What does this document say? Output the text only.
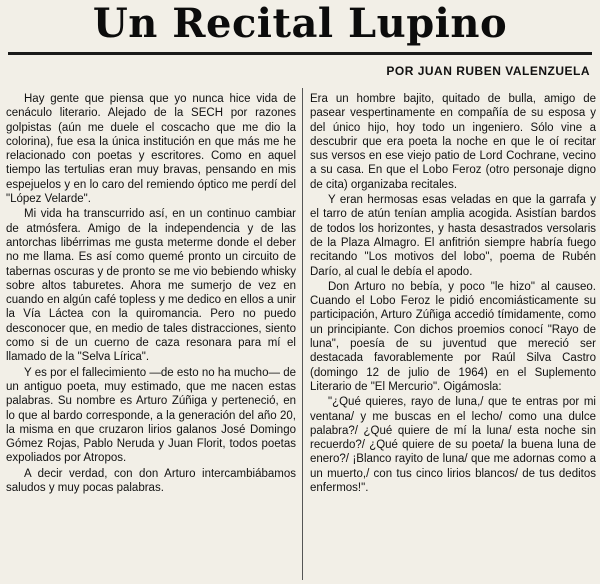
Un Recital Lupino
POR JUAN RUBEN VALENZUELA

Hay gente que piensa que yo nunca hice vida de cenáculo literario. Alejado de la SECH por razones golpistas (aún me duele el coscacho que me dio la colorina), fue esa la única institución en que más me he relacionado con poetas y escritores. Como en aquel tiempo las tertulias eran muy bravas, pensando en mis espejuelos y en lo caro del remiendo óptico me perdí del "López Velarde".

Mi vida ha transcurrido así, en un continuo cambiar de atmósfera. Amigo de la independencia y de las antorchas libérrimas me gusta meterme donde el deber no me llama. Es así como quemé pronto un circuito de tabernas oscuras y de pronto se me vio bebiendo whisky sobre altos taburetes. Ahora me sumerjo de vez en cuando en algún café topless y me dedico en ellos a unir la Vía Láctea con la quiromancia. Pero no puedo desconocer que, en medio de tales distracciones, siento como si de un cuerno de caza resonara para mí el llamado de la "Selva Lírica".

Y es por el fallecimiento —de esto no ha mucho— de un antiguo poeta, muy estimado, que me nacen estas palabras. Su nombre es Arturo Zúñiga y perteneció, en lo que al bardo corresponde, a la generación del año 20, la misma en que cruzaron lirios galanos José Domingo Gómez Rojas, Pablo Neruda y Juan Florit, todos poetas expoliados por Atropos.

A decir verdad, con don Arturo intercambiábamos saludos y muy pocas palabras.

Era un hombre bajito, quitado de bulla, amigo de pasear vespertinamente en compañía de su esposa y del único hijo, hoy todo un ingeniero. Sólo vine a descubrir que era poeta la noche en que le oí recitar sus versos en ese viejo patio de Lord Cochrane, vecino a su casa. En que el Lobo Feroz (otro personaje digno de cita) organizaba recitales.

Y eran hermosas esas veladas en que la garrafa y el tarro de atún tenían amplia acogida. Asistían bardos de todos los horizontes, y hasta desastrados versolaris de la Plaza Almagro. El anfitrión siempre habría fuego recitando "Los motivos del lobo", poema de Rubén Darío, al cual le debía el apodo.

Don Arturo no bebía, y poco "le hizo" al causeo. Cuando el Lobo Feroz le pidió encomiásticamente su participación, Arturo Zúñiga accedió tímidamente, como un principiante. Con dichos proemios conocí "Rayo de luna", poesía de su juventud que mereció ser destacada favorablemente por Raúl Silva Castro (domingo 12 de julio de 1964) en el Suplemento Literario de "El Mercurio". Oigámosla:

"¿Qué quieres, rayo de luna,/ que te entras por mi ventana/ y me buscas en el lecho/ como una dulce palabra?/ ¿Qué quiere de mí la luna/ esta noche sin recuerdo?/ ¿Qué quiere de su poeta/ la buena luna de enero?/ ¡Blanco rayito de luna/ que me adornas como a un muerto,/ con tus cinco lirios blancos/ de tus deditos enfermos!".
